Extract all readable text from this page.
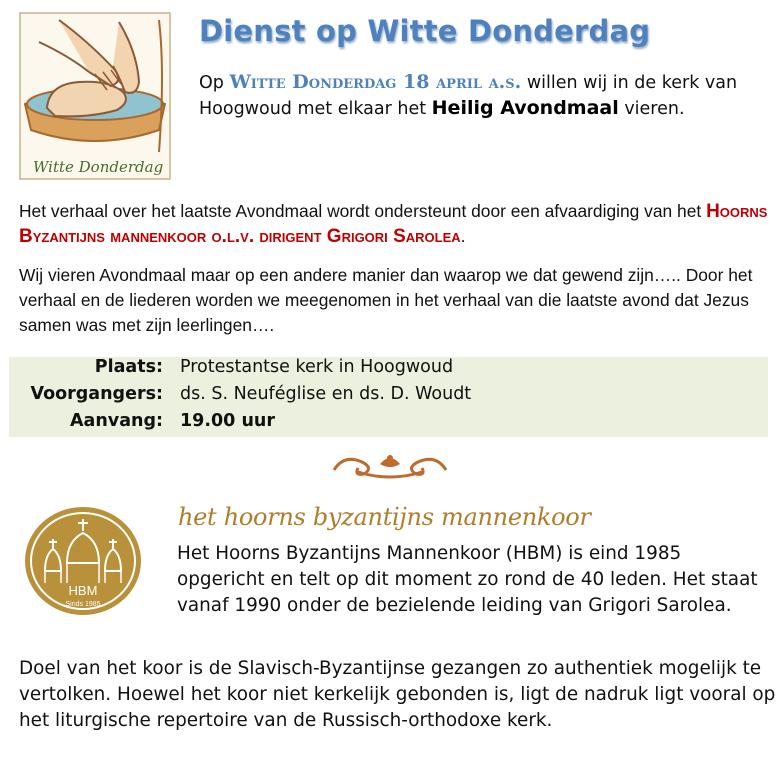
Witte Donderdag
Dienst op Witte Donderdag
Op Witte Donderdag 18 april a.s. willen wij in de kerk van Hoogwoud met elkaar het Heilig Avondmaal vieren.
Het verhaal over het laatste Avondmaal wordt ondersteunt door een afvaardiging van het Hoorns Byzantijns mannenkoor o.l.v. dirigent Grigori Sarolea.
Wij vieren Avondmaal maar op een andere manier dan waarop we dat gewend zijn….. Door het verhaal en de liederen worden we meegenomen in het verhaal van die laatste avond dat Jezus samen was met zijn leerlingen….
Plaats: Protestantse kerk in Hoogwoud
Voorgangers: ds. S. Neuféglise en ds. D. Woudt
Aanvang: 19.00 uur
HBM
Sinds 1985
het hoorns byzantijns mannenkoor
Het Hoorns Byzantijns Mannenkoor (HBM) is eind 1985 opgericht en telt op dit moment zo rond de 40 leden. Het staat vanaf 1990 onder de bezielende leiding van Grigori Sarolea.
Doel van het koor is de Slavisch-Byzantijnse gezangen zo authentiek mogelijk te vertolken. Hoewel het koor niet kerkelijk gebonden is, ligt de nadruk ligt vooral op het liturgische repertoire van de Russisch-orthodoxe kerk.
